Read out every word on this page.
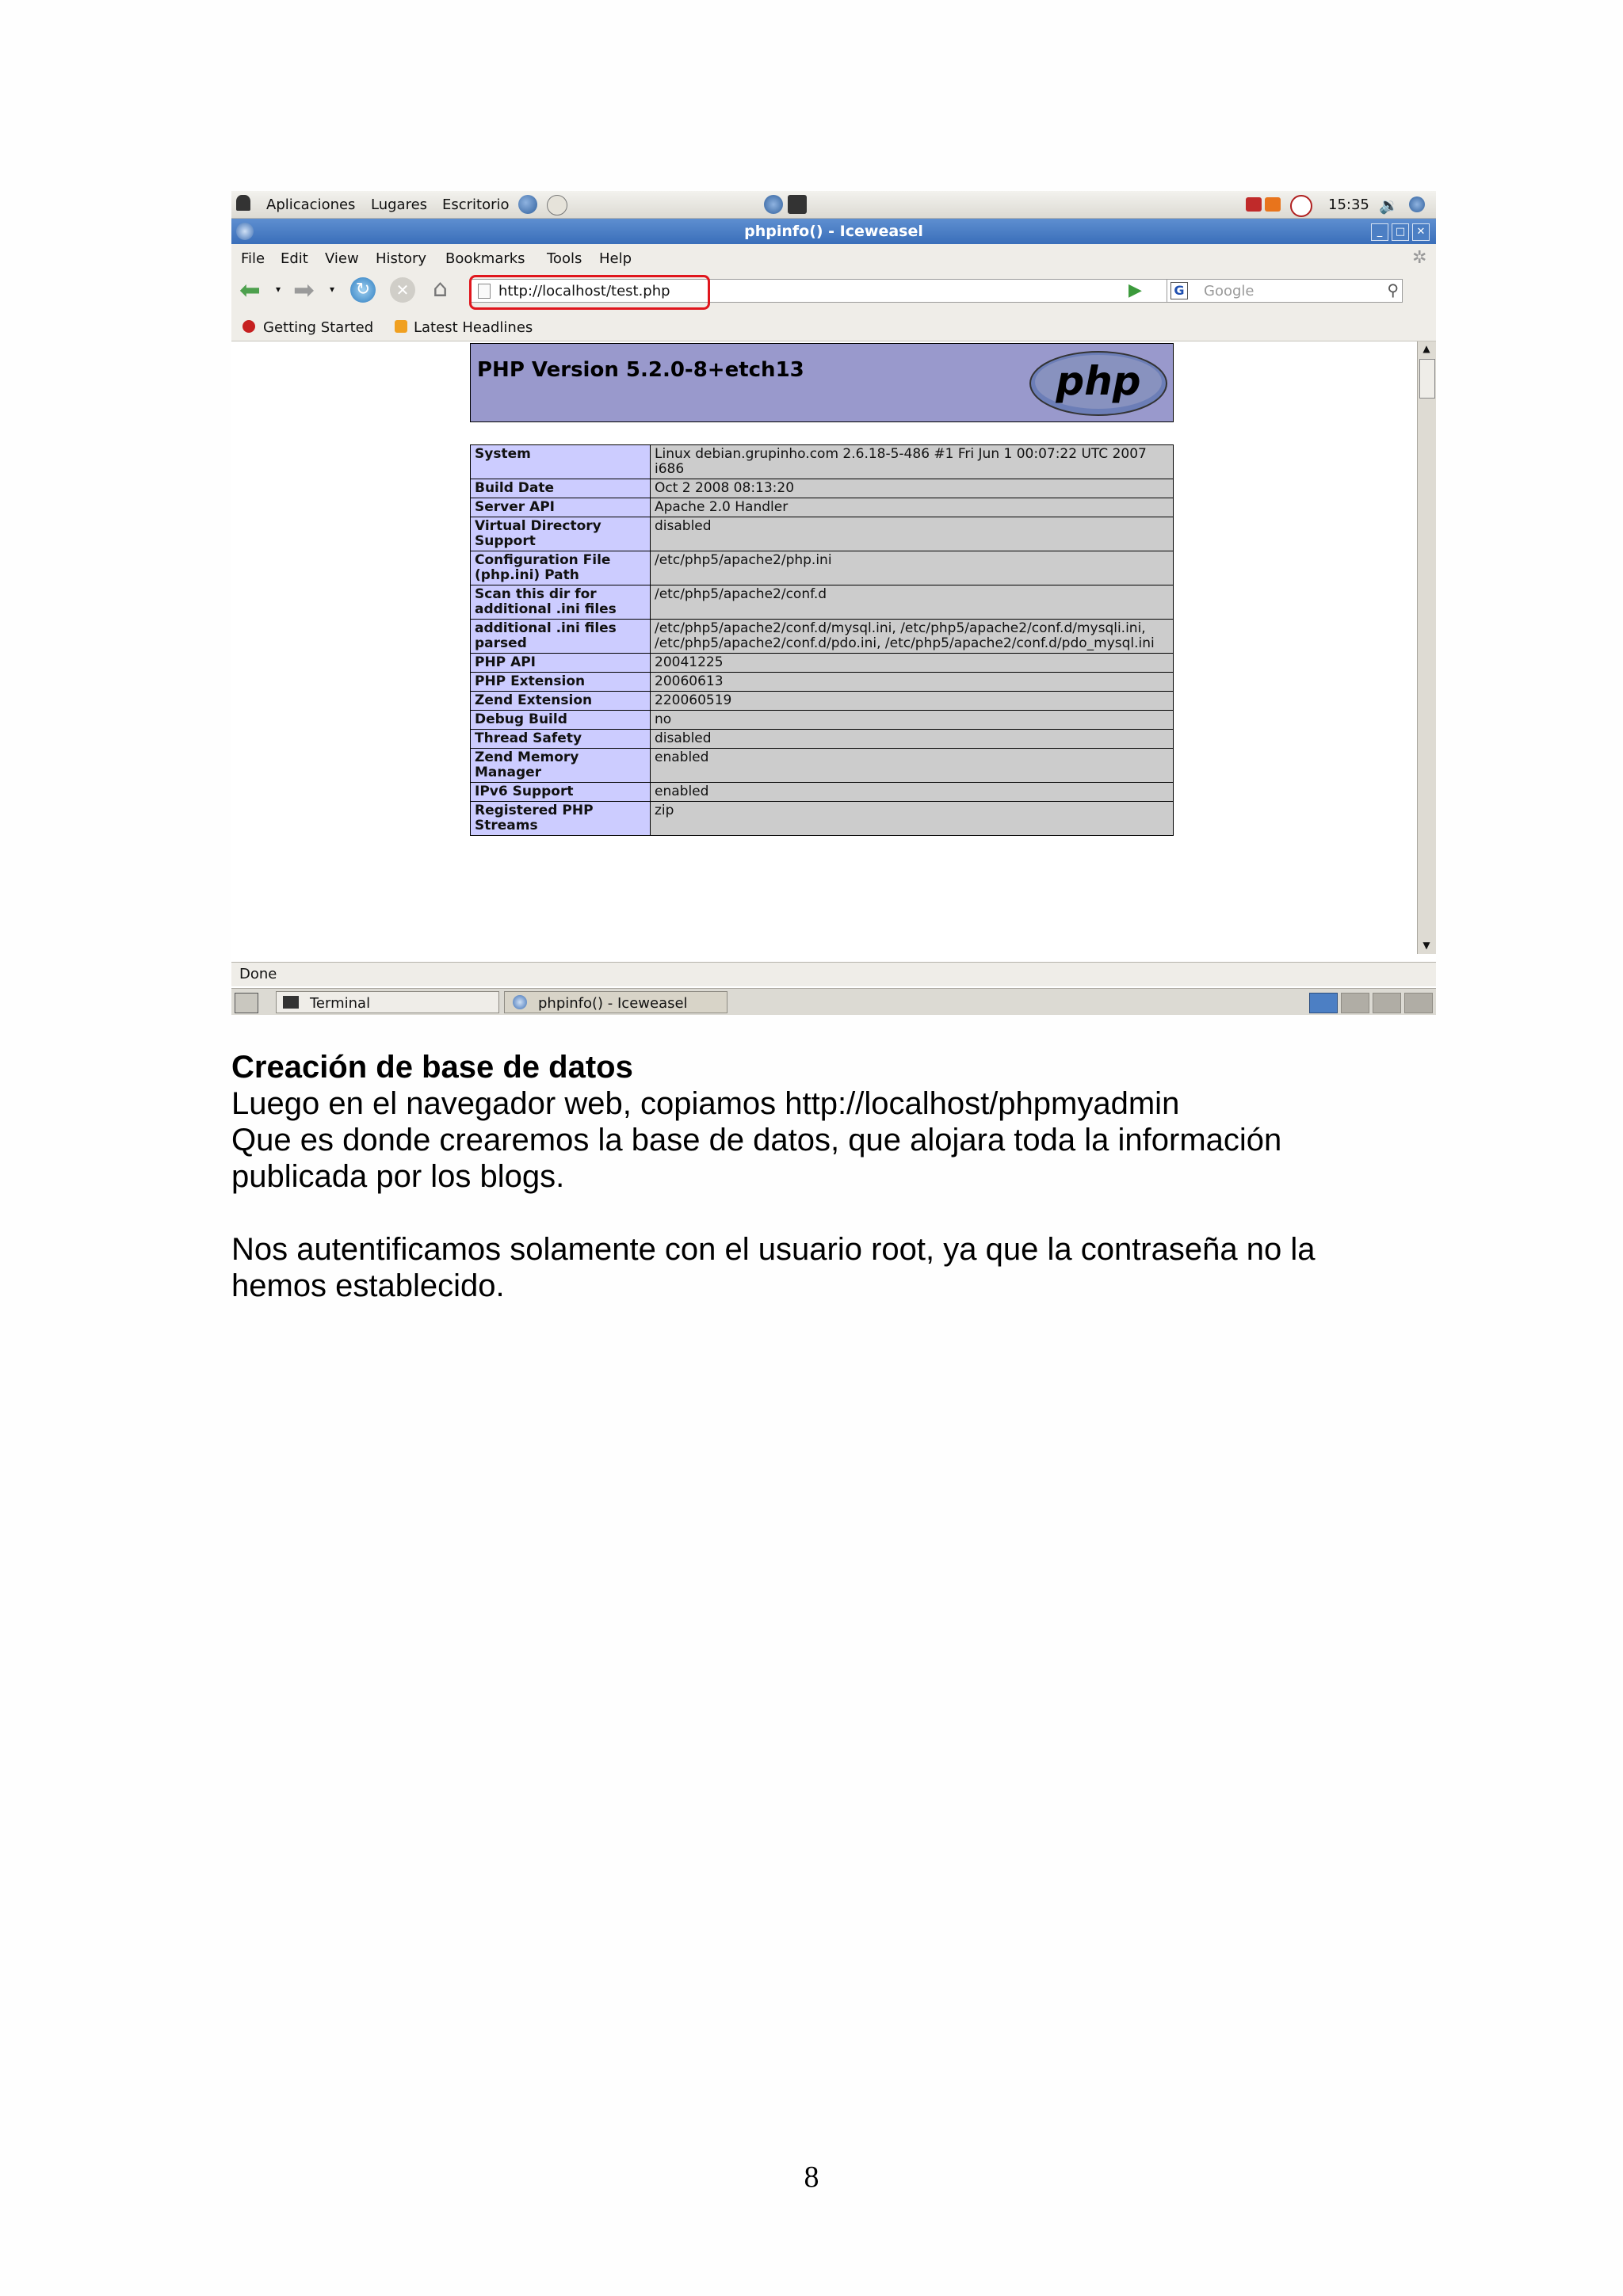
Aplicaciones Lugares Escritorio	15:35 🔉
phpinfo() - Iceweasel	_	□	✕
File Edit View History Bookmarks Tools Help	✲
⬅ ▾ ➡ ▾	↻	✕ ⌂	http://localhost/test.php	▶	G Google	⚲
Getting Started	Latest Headlines
PHP Version 5.2.0-8+etch13	php
System	Linux debian.grupinho.com 2.6.18-5-486 #1 Fri Jun 1 00:07:22 UTC 2007 i686
Build Date	Oct 2 2008 08:13:20
Server API	Apache 2.0 Handler
Virtual Directory Support	disabled
Configuration File (php.ini) Path	/etc/php5/apache2/php.ini
Scan this dir for additional .ini files	/etc/php5/apache2/conf.d
additional .ini files parsed	/etc/php5/apache2/conf.d/mysql.ini, /etc/php5/apache2/conf.d/mysqli.ini, /etc/php5/apache2/conf.d/pdo.ini, /etc/php5/apache2/conf.d/pdo_mysql.ini
PHP API	20041225
PHP Extension	20060613
Zend Extension	220060519
Debug Build	no
Thread Safety	disabled
Zend Memory Manager	enabled
IPv6 Support	enabled
Registered PHP Streams	zip
▲
▼
Done
Terminal	phpinfo() - Iceweasel
Creación de base de datos
Luego en el navegador web, copiamos http://localhost/phpmyadmin
Que es donde crearemos la base de datos, que alojara toda la información
publicada por los blogs.
Nos autentificamos solamente con el usuario root, ya que la contraseña no la
hemos establecido.
8
